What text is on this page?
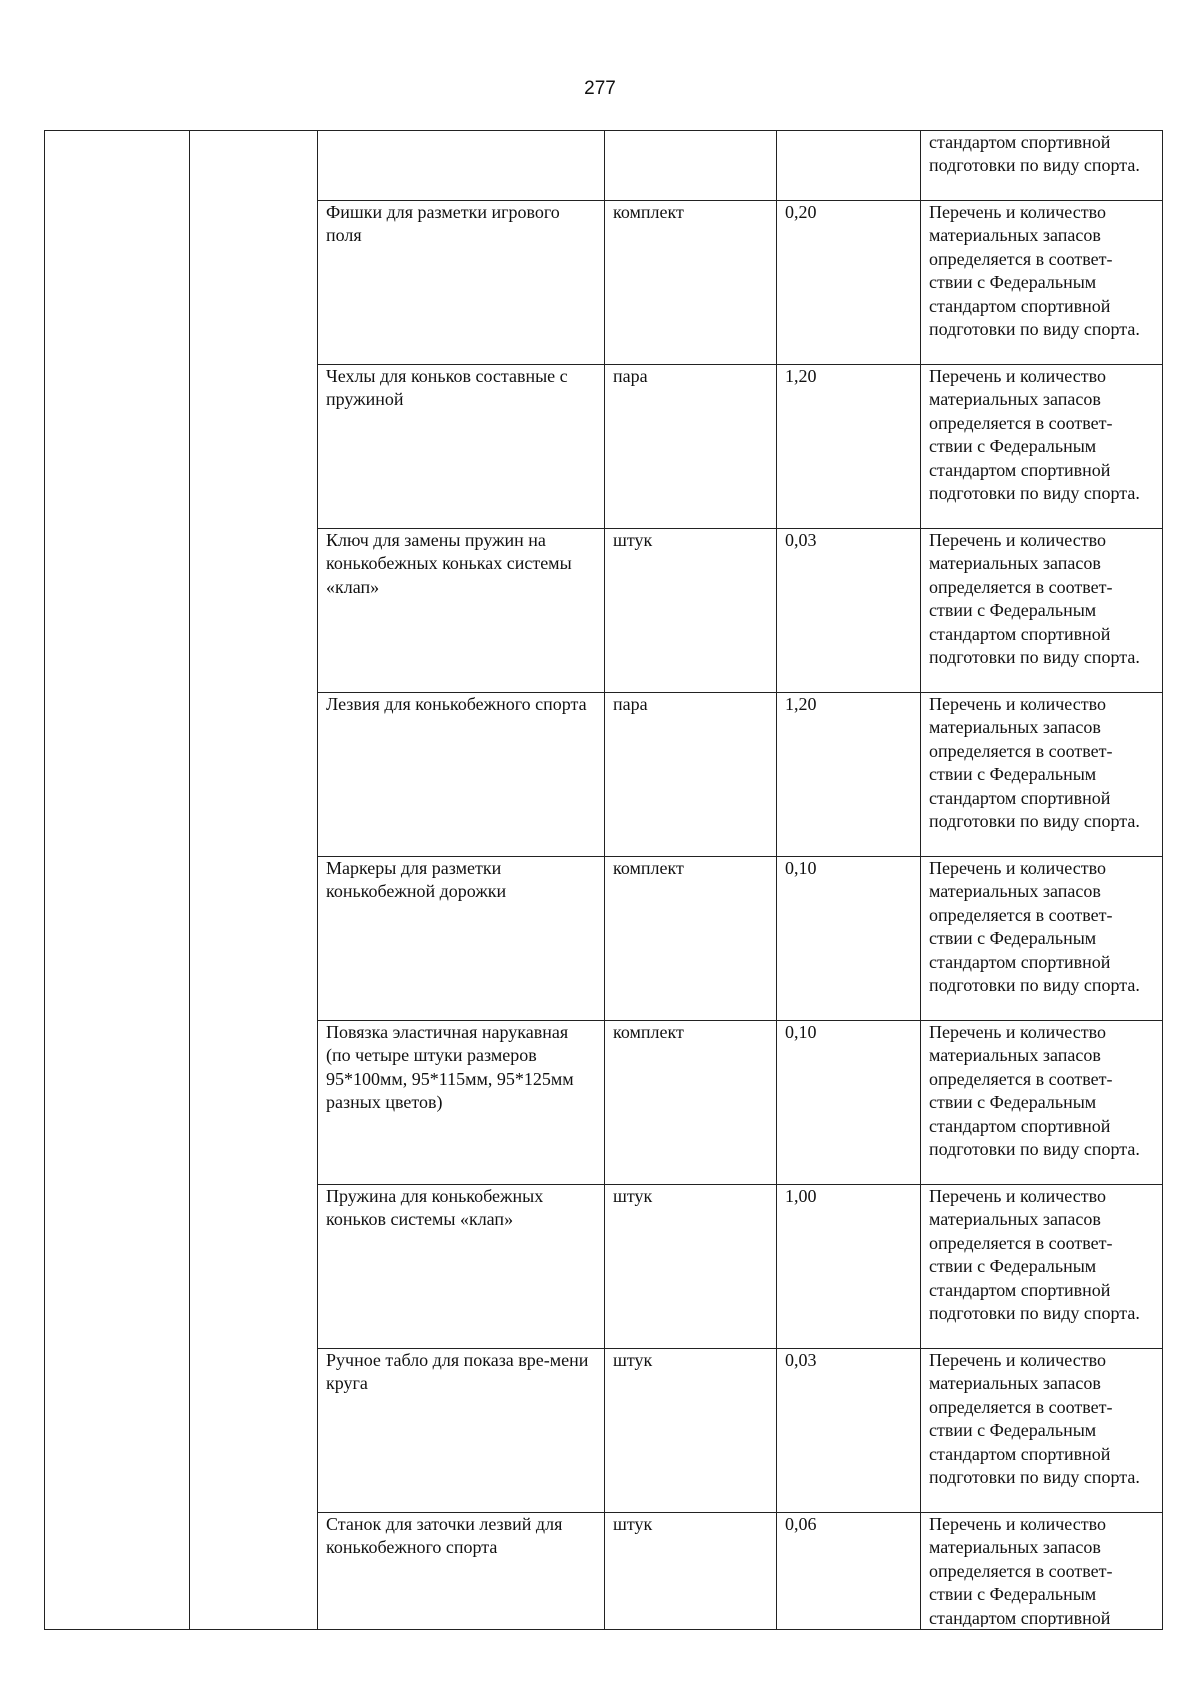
277

					стандартом спортивной подготовки по виду спорта.

		Фишки для разметки игрового поля	комплект	0,20	Перечень и количество материальных запасов определяется в соответ-ствии с Федеральным стандартом спортивной подготовки по виду спорта.

		Чехлы для коньков составные с пружиной	пара	1,20	Перечень и количество материальных запасов определяется в соответ-ствии с Федеральным стандартом спортивной подготовки по виду спорта.

		Ключ для замены пружин на конькобежных коньках системы «клап»	штук	0,03	Перечень и количество материальных запасов определяется в соответ-ствии с Федеральным стандартом спортивной подготовки по виду спорта.

		Лезвия для конькобежного спорта	пара	1,20	Перечень и количество материальных запасов определяется в соответ-ствии с Федеральным стандартом спортивной подготовки по виду спорта.

		Маркеры для разметки конькобежной дорожки	комплект	0,10	Перечень и количество материальных запасов определяется в соответ-ствии с Федеральным стандартом спортивной подготовки по виду спорта.

		Повязка эластичная нарукавная (по четыре штуки размеров 95*100мм, 95*115мм, 95*125мм разных цветов)	комплект	0,10	Перечень и количество материальных запасов определяется в соответ-ствии с Федеральным стандартом спортивной подготовки по виду спорта.

		Пружина для конькобежных коньков системы «клап»	штук	1,00	Перечень и количество материальных запасов определяется в соответ-ствии с Федеральным стандартом спортивной подготовки по виду спорта.

		Ручное табло для показа вре-мени круга	штук	0,03	Перечень и количество материальных запасов определяется в соответ-ствии с Федеральным стандартом спортивной подготовки по виду спорта.

		Станок для заточки лезвий для конькобежного спорта	штук	0,06	Перечень и количество материальных запасов определяется в соответ-ствии с Федеральным стандартом спортивной
